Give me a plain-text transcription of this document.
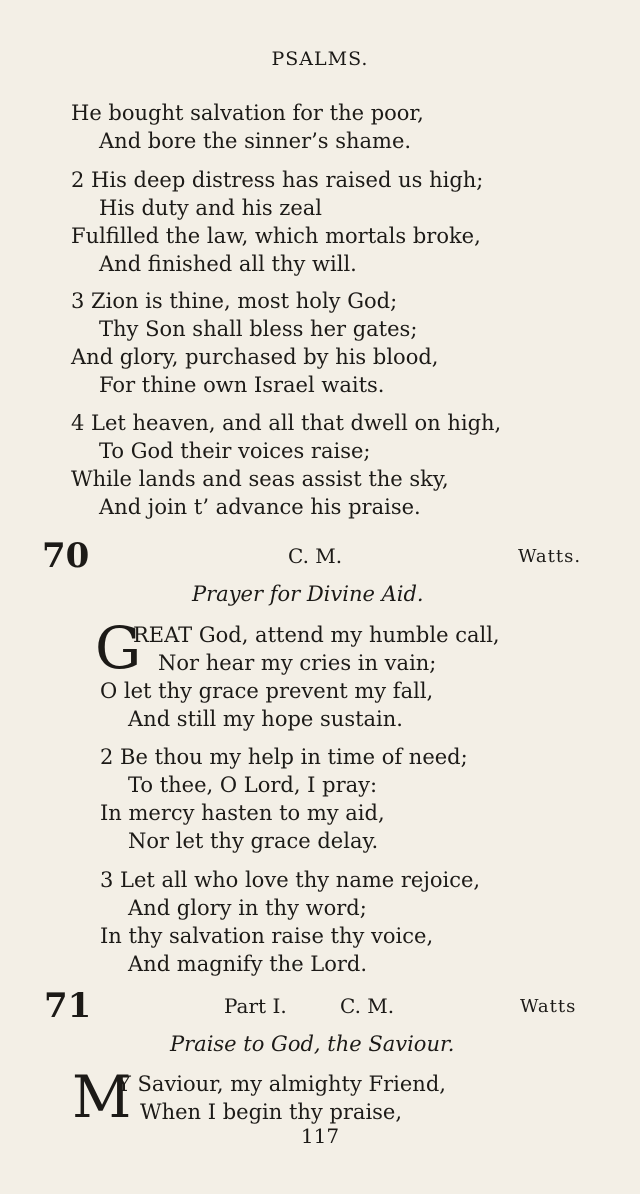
PSALMS.
He bought salvation for the poor,
And bore the sinner’s shame.
2 His deep distress has raised us high;
His duty and his zeal
Fulfilled the law, which mortals broke,
And finished all thy will.
3 Zion is thine, most holy God;
Thy Son shall bless her gates;
And glory, purchased by his blood,
For thine own Israel waits.
4 Let heaven, and all that dwell on high,
To God their voices raise;
While lands and seas assist the sky,
And join t’ advance his praise.
70	C. M.	Watts.
Prayer for Divine Aid.
G
REAT God, attend my humble call,
Nor hear my cries in vain;
O let thy grace prevent my fall,
And still my hope sustain.
2 Be thou my help in time of need;
To thee, O Lord, I pray:
In mercy hasten to my aid,
Nor let thy grace delay.
3 Let all who love thy name rejoice,
And glory in thy word;
In thy salvation raise thy voice,
And magnify the Lord.
71	Part I.	C. M.	Watts
Praise to God, the Saviour.
M
Y Saviour, my almighty Friend,
When I begin thy praise,
117
